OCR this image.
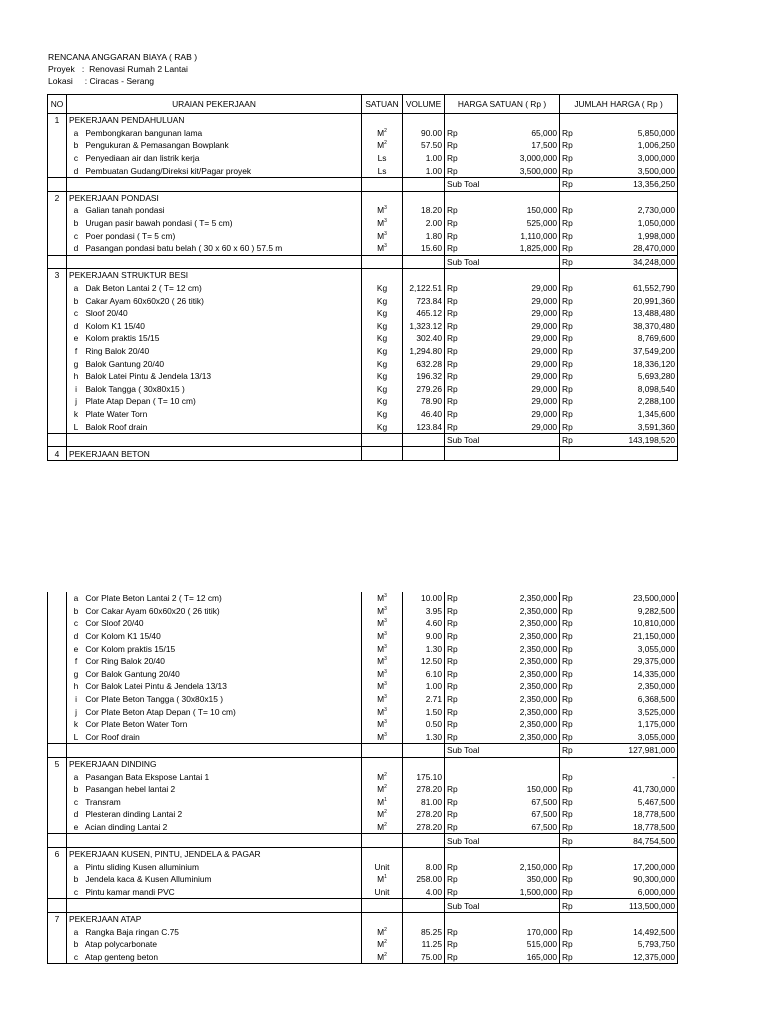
RENCANA ANGGARAN BIAYA ( RAB )
Proyek   :  Renovasi Rumah 2 Lantai
Lokasi     : Ciracas - Serang
NO	URAIAN PEKERJAAN	SATUAN	VOLUME	HARGA SATUAN ( Rp )		JUMLAH HARGA ( Rp )	
1	PEKERJAAN PENDAHULUAN						
	a Pembongkaran bangunan lama	$M^2$	90.00	Rp	65,000	Rp	5,850,000
	b Pengukuran & Pemasangan Bowplank	$M^2$	57.50	Rp	17,500	Rp	1,006,250
	c Penyediaan air dan listrik kerja	Ls	1.00	Rp	3,000,000	Rp	3,000,000
	d Pembuatan Gudang/Direksi kit/Pagar proyek	Ls	1.00	Rp	3,500,000	Rp	3,500,000
				Sub Toal		Rp	13,356,250
2	PEKERJAAN PONDASI						
	a Galian tanah pondasi	$M^3$	18.20	Rp	150,000	Rp	2,730,000
	b Urugan pasir bawah pondasi ( T= 5 cm)	$M^3$	2.00	Rp	525,000	Rp	1,050,000
	c Poer pondasi ( T= 5 cm)	$M^3$	1.80	Rp	1,110,000	Rp	1,998,000
	d Pasangan pondasi batu belah ( 30 x 60 x 60 ) 57.5 m	$M^3$	15.60	Rp	1,825,000	Rp	28,470,000
				Sub Toal		Rp	34,248,000
3	PEKERJAAN STRUKTUR BESI						
	a Dak Beton Lantai 2 ( T= 12 cm)	Kg	2,122.51	Rp	29,000	Rp	61,552,790
	b Cakar Ayam 60x60x20 ( 26 titik)	Kg	723.84	Rp	29,000	Rp	20,991,360
	c Sloof 20/40	Kg	465.12	Rp	29,000	Rp	13,488,480
	d Kolom K1 15/40	Kg	1,323.12	Rp	29,000	Rp	38,370,480
	e Kolom praktis 15/15	Kg	302.40	Rp	29,000	Rp	8,769,600
	f Ring Balok 20/40	Kg	1,294.80	Rp	29,000	Rp	37,549,200
	g Balok Gantung 20/40	Kg	632.28	Rp	29,000	Rp	18,336,120
	h Balok Latei Pintu & Jendela 13/13	Kg	196.32	Rp	29,000	Rp	5,693,280
	i Balok Tangga ( 30x80x15 )	Kg	279.26	Rp	29,000	Rp	8,098,540
	j Plate Atap Depan ( T= 10 cm)	Kg	78.90	Rp	29,000	Rp	2,288,100
	k Plate Water Torn	Kg	46.40	Rp	29,000	Rp	1,345,600
	L Balok Roof drain	Kg	123.84	Rp	29,000	Rp	3,591,360
				Sub Toal		Rp	143,198,520
4	PEKERJAAN BETON						
	a Cor Plate Beton Lantai 2 ( T= 12 cm)	$M^3$	10.00	Rp	2,350,000	Rp	23,500,000
	b Cor Cakar Ayam 60x60x20 ( 26 titik)	$M^3$	3.95	Rp	2,350,000	Rp	9,282,500
	c Cor Sloof 20/40	$M^3$	4.60	Rp	2,350,000	Rp	10,810,000
	d Cor Kolom K1 15/40	$M^3$	9.00	Rp	2,350,000	Rp	21,150,000
	e Cor Kolom praktis 15/15	$M^3$	1.30	Rp	2,350,000	Rp	3,055,000
	f Cor Ring Balok 20/40	$M^3$	12.50	Rp	2,350,000	Rp	29,375,000
	g Cor Balok Gantung 20/40	$M^3$	6.10	Rp	2,350,000	Rp	14,335,000
	h Cor Balok Latei Pintu & Jendela 13/13	$M^3$	1.00	Rp	2,350,000	Rp	2,350,000
	i Cor Plate Beton Tangga ( 30x80x15 )	$M^3$	2.71	Rp	2,350,000	Rp	6,368,500
	j Cor Plate Beton Atap Depan ( T= 10 cm)	$M^3$	1.50	Rp	2,350,000	Rp	3,525,000
	k Cor Plate Beton Water Torn	$M^3$	0.50	Rp	2,350,000	Rp	1,175,000
	L Cor Roof drain	$M^3$	1.30	Rp	2,350,000	Rp	3,055,000
				Sub Toal		Rp	127,981,000
5	PEKERJAAN DINDING						
	a Pasangan Bata Ekspose Lantai 1	$M^2$	175.10			Rp	-
	b Pasangan hebel lantai 2	$M^2$	278.20	Rp	150,000	Rp	41,730,000
	c Transram	$M^1$	81.00	Rp	67,500	Rp	5,467,500
	d Plesteran dinding Lantai 2	$M^2$	278.20	Rp	67,500	Rp	18,778,500
	e Acian dinding Lantai 2	$M^2$	278.20	Rp	67,500	Rp	18,778,500
				Sub Toal		Rp	84,754,500
6	PEKERJAAN KUSEN, PINTU, JENDELA & PAGAR						
	a Pintu sliding Kusen alluminium	Unit	8.00	Rp	2,150,000	Rp	17,200,000
	b Jendela kaca & Kusen Alluminium	$M^1$	258.00	Rp	350,000	Rp	90,300,000
	c Pintu kamar mandi PVC	Unit	4.00	Rp	1,500,000	Rp	6,000,000
				Sub Toal		Rp	113,500,000
7	PEKERJAAN ATAP						
	a Rangka Baja ringan C.75	$M^2$	85.25	Rp	170,000	Rp	14,492,500
	b Atap polycarbonate	$M^2$	11.25	Rp	515,000	Rp	5,793,750
	c Atap genteng beton	$M^2$	75.00	Rp	165,000	Rp	12,375,000
